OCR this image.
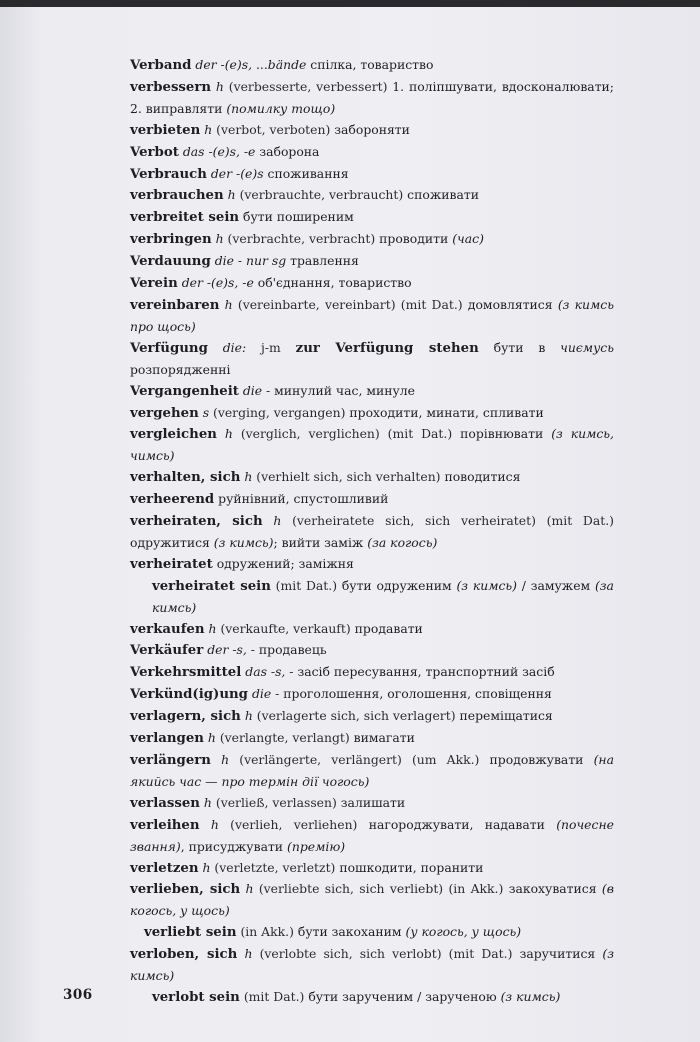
Verband der -(e)s, ...bände спілка, товариство

verbessern h (verbesserte, verbessert) 1. поліпшувати, вдосконалювати; 2. виправляти (помилку тощо)

verbieten h (verbot, verboten) забороняти

Verbot das -(e)s, -e заборона

Verbrauch der -(e)s споживання

verbrauchen h (verbrauchte, verbraucht) споживати

verbreitet sein бути поширеним

verbringen h (verbrachte, verbracht) проводити (час)

Verdauung die - nur sg травлення

Verein der -(e)s, -e об'єднання, товариство

vereinbaren h (vereinbarte, vereinbart) (mit Dat.) домовлятися (з кимсь про щось)

Verfügung die: j-m zur Verfügung stehen бути в чиємусь розпорядженні

Vergangenheit die - минулий час, минуле

vergehen s (verging, vergangen) проходити, минати, спливати

vergleichen h (verglich, verglichen) (mit Dat.) порівнювати (з кимсь, чимсь)

verhalten, sich h (verhielt sich, sich verhalten) поводитися

verheerend руйнівний, спустошливий

verheiraten, sich h (verheiratete sich, sich verheiratet) (mit Dat.) одружитися (з кимсь); вийти заміж (за когось)

verheiratet одружений; заміжня

verheiratet sein (mit Dat.) бути одруженим (з кимсь) / замужем (за кимсь)

verkaufen h (verkaufte, verkauft) продавати

Verkäufer der -s, - продавець

Verkehrsmittel das -s, - засіб пересування, транспортний засіб

Verkünd(ig)ung die - проголошення, оголошення, сповіщення

verlagern, sich h (verlagerte sich, sich verlagert) переміщатися

verlangen h (verlangte, verlangt) вимагати

verlängern h (verlängerte, verlängert) (um Akk.) продовжувати (на якийсь час — про термін дії чогось)

verlassen h (verließ, verlassen) залишати

verleihen h (verlieh, verliehen) нагороджувати, надавати (почесне звання), присуджувати (премію)

verletzen h (verletzte, verletzt) пошкодити, поранити

verlieben, sich h (verliebte sich, sich verliebt) (in Akk.) закохуватися (в когось, у щось)

verliebt sein (in Akk.) бути закоханим (у когось, у щось)

verloben, sich h (verlobte sich, sich verlobt) (mit Dat.) заручитися (з кимсь)

verlobt sein (mit Dat.) бути зарученим / зарученою (з кимсь)

306
